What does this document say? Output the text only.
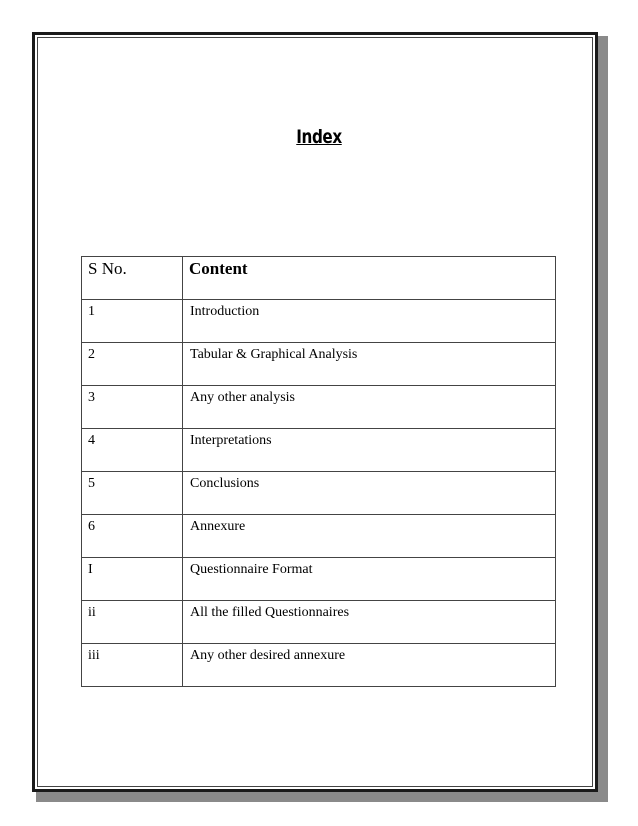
Index
S No.	Content

1	Introduction

2	Tabular & Graphical Analysis

3	Any other analysis

4	Interpretations

5	Conclusions

6	Annexure

I	Questionnaire Format

ii	All the filled Questionnaires

iii	Any other desired annexure
